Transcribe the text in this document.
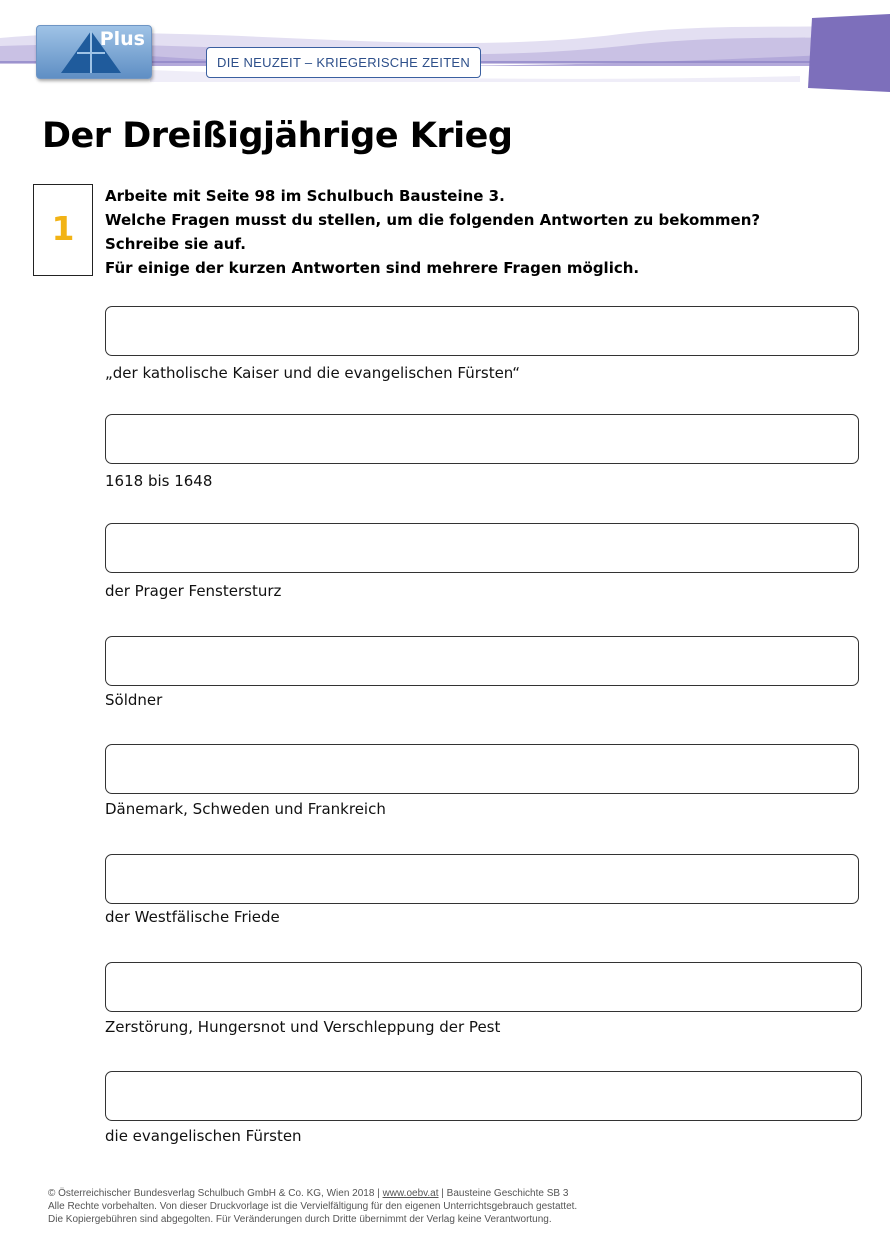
Plus
DIE NEUZEIT – KRIEGERISCHE ZEITEN
Der Dreißigjährige Krieg
1
Arbeite mit Seite 98 im Schulbuch Bausteine 3.
Welche Fragen musst du stellen, um die folgenden Antworten zu bekommen?
Schreibe sie auf.
Für einige der kurzen Antworten sind mehrere Fragen möglich.
„der katholische Kaiser und die evangelischen Fürsten“
1618 bis 1648
der Prager Fenstersturz
Söldner
Dänemark, Schweden und Frankreich
der Westfälische Friede
Zerstörung, Hungersnot und Verschleppung der Pest
die evangelischen Fürsten
© Österreichischer Bundesverlag Schulbuch GmbH & Co. KG, Wien 2018 | www.oebv.at | Bausteine Geschichte SB 3
Alle Rechte vorbehalten. Von dieser Druckvorlage ist die Vervielfältigung für den eigenen Unterrichtsgebrauch gestattet.
Die Kopiergebühren sind abgegolten. Für Veränderungen durch Dritte übernimmt der Verlag keine Verantwortung.
